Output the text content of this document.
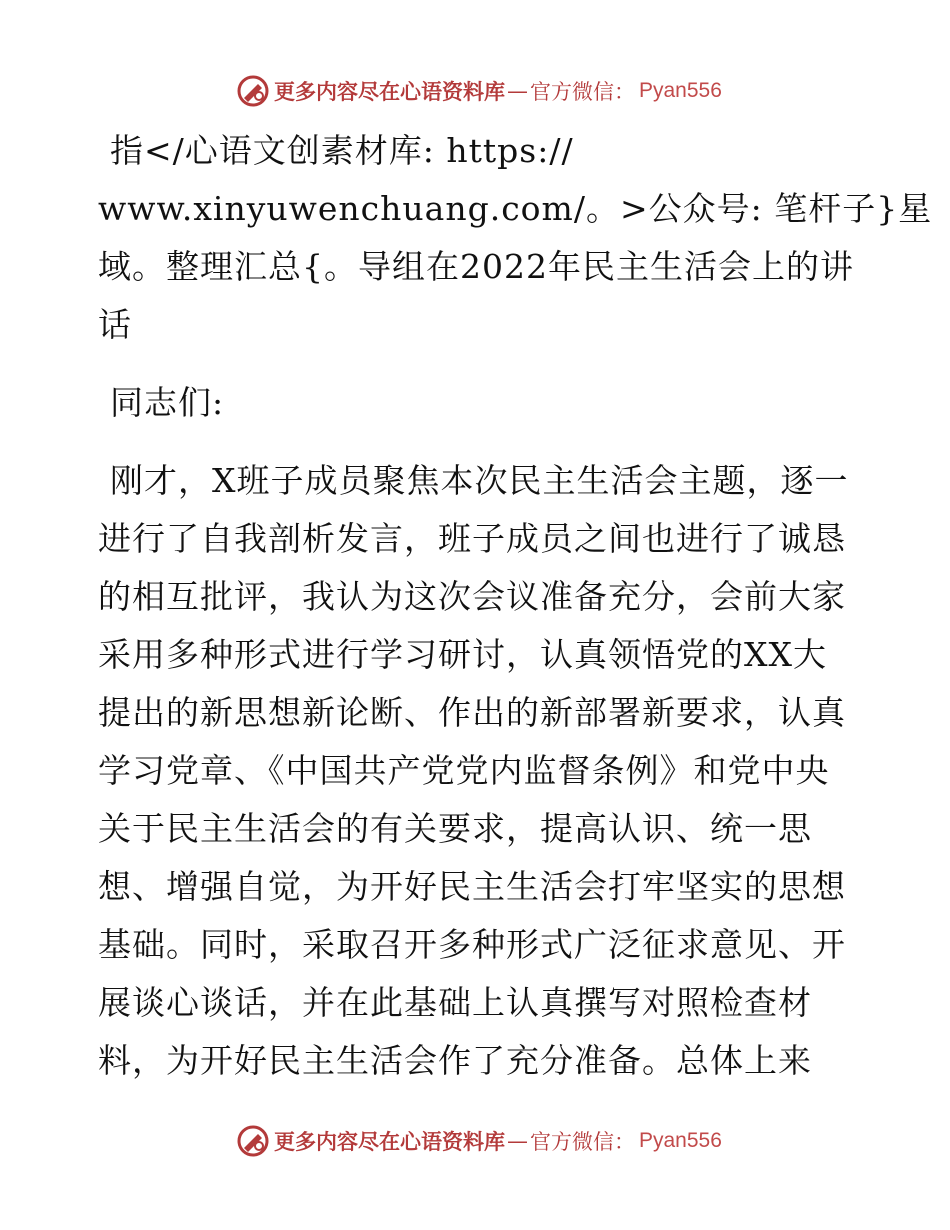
更多内容尽在心语资料库 — 官方微信： Pyan556
指</心语文创素材库: https://
www.xinyuwenchuang.com/。>公众号: 笔杆子}星
域。整理汇总{。导组在2022年民主生活会上的讲
话
同志们:
刚才，X班子成员聚焦本次民主生活会主题，逐一
进行了自我剖析发言，班子成员之间也进行了诚恳
的相互批评，我认为这次会议准备充分，会前大家
采用多种形式进行学习研讨，认真领悟党的XX大
提出的新思想新论断、作出的新部署新要求，认真
学习党章、《中国共产党党内监督条例》和党中央
关于民主生活会的有关要求，提高认识、统一思
想、增强自觉，为开好民主生活会打牢坚实的思想
基础。同时，采取召开多种形式广泛征求意见、开
展谈心谈话，并在此基础上认真撰写对照检查材
料，为开好民主生活会作了充分准备。总体上来
更多内容尽在心语资料库 — 官方微信： Pyan556
